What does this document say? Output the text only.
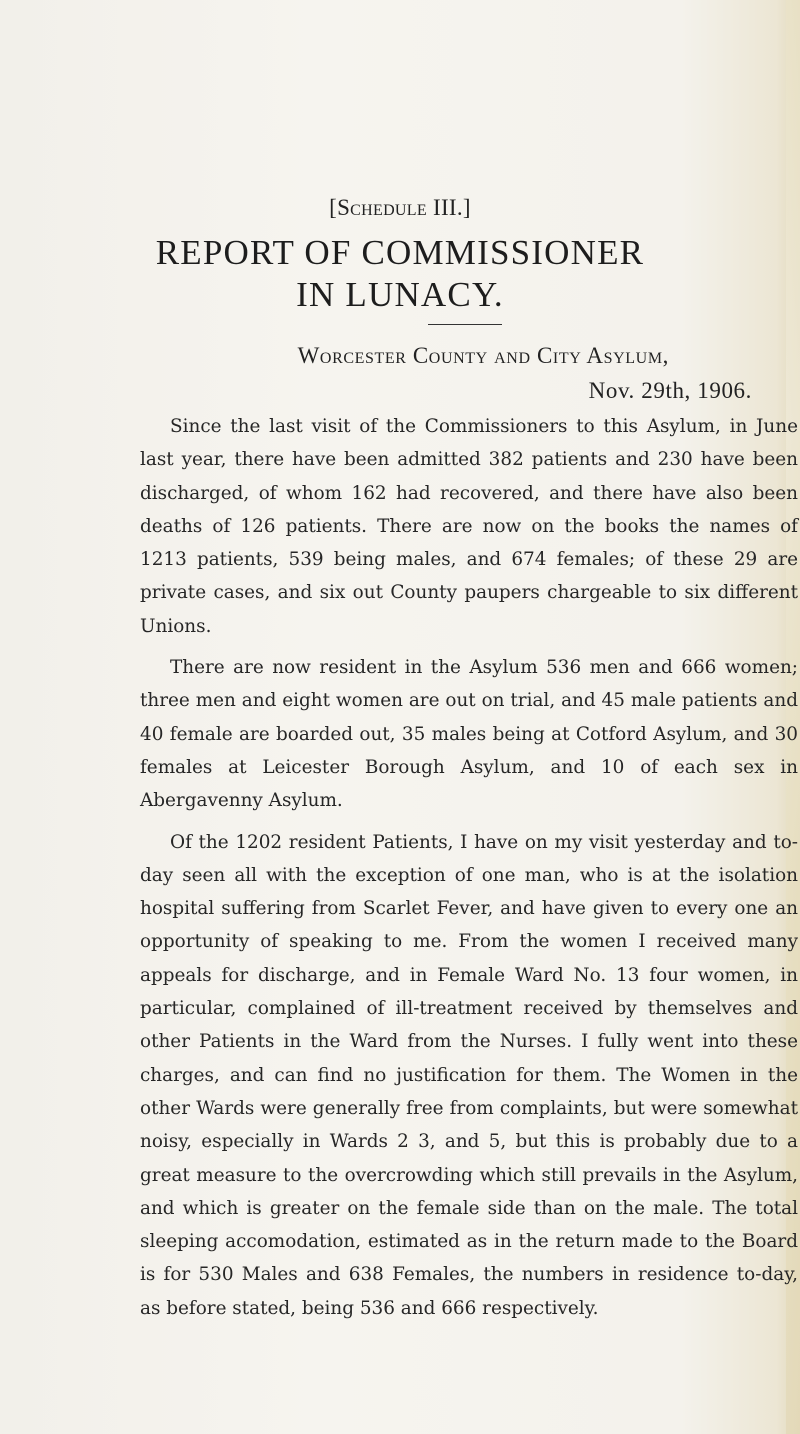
[Schedule III.]
REPORT OF COMMISSIONER
IN LUNACY.
Worcester County and City Asylum,
Nov. 29th, 1906.

Since the last visit of the Commissioners to this Asylum, in June last year, there have been admitted 382 patients and 230 have been discharged, of whom 162 had recovered, and there have also been deaths of 126 patients. There are now on the books the names of 1213 patients, 539 being males, and 674 females; of these 29 are private cases, and six out County paupers chargeable to six different Unions.

There are now resident in the Asylum 536 men and 666 women; three men and eight women are out on trial, and 45 male patients and 40 female are boarded out, 35 males being at Cotford Asylum, and 30 females at Leicester Borough Asylum, and 10 of each sex in Abergavenny Asylum.

Of the 1202 resident Patients, I have on my visit yesterday and to-day seen all with the exception of one man, who is at the isolation hospital suffering from Scarlet Fever, and have given to every one an opportunity of speaking to me. From the women I received many appeals for discharge, and in Female Ward No. 13 four women, in particular, complained of ill-treatment received by themselves and other Patients in the Ward from the Nurses. I fully went into these charges, and can find no justification for them. The Women in the other Wards were generally free from complaints, but were somewhat noisy, especially in Wards 2 3, and 5, but this is probably due to a great measure to the overcrowding which still prevails in the Asylum, and which is greater on the female side than on the male. The total sleeping accomodation, estimated as in the return made to the Board is for 530 Males and 638 Females, the numbers in residence to-day, as before stated, being 536 and 666 respectively.
